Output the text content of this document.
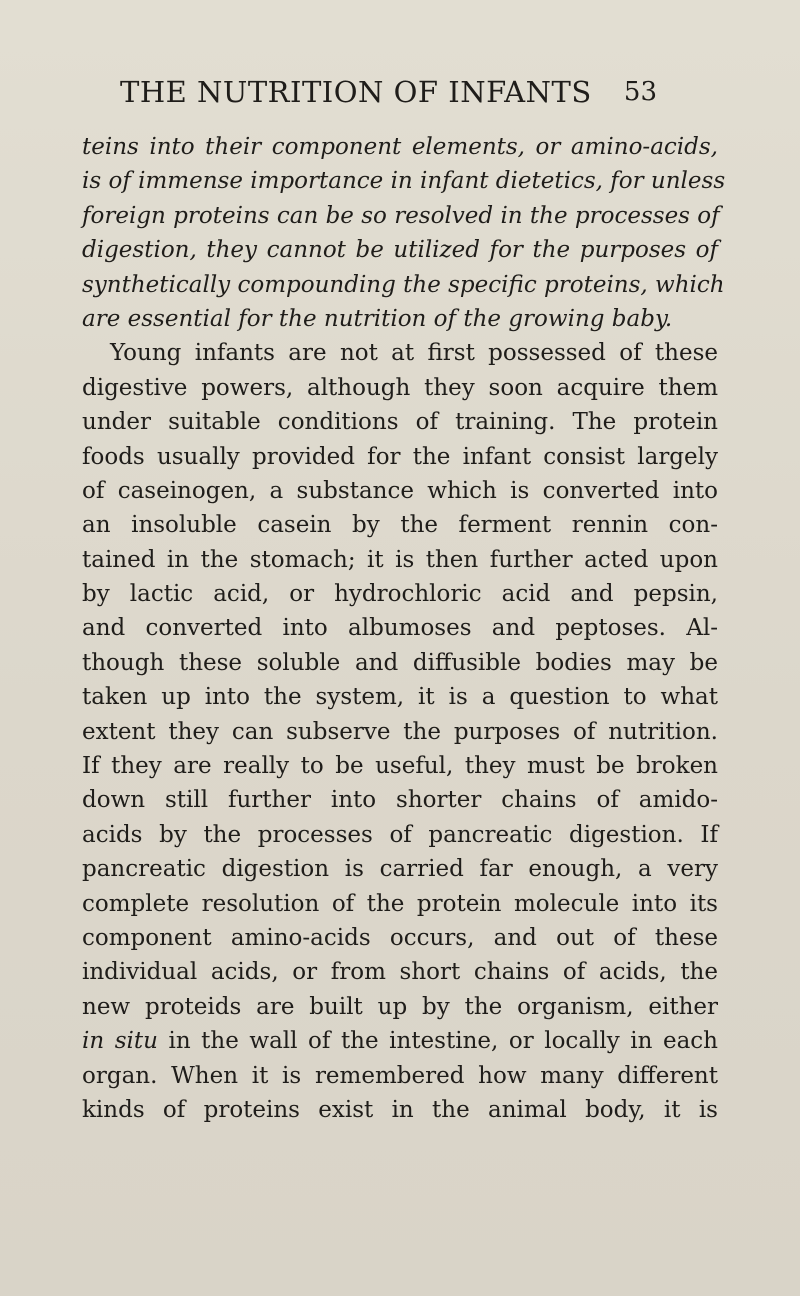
THE NUTRITION OF INFANTS 53
teins into their component elements, or amino-acids,
is of immense importance in infant dietetics, for unless
foreign proteins can be so resolved in the processes of
digestion, they cannot be utilized for the purposes of
synthetically compounding the specific proteins, which
are essential for the nutrition of the growing baby.
Young infants are not at first possessed of these
digestive powers, although they soon acquire them
under suitable conditions of training. The protein
foods usually provided for the infant consist largely
of caseinogen, a substance which is converted into
an insoluble casein by the ferment rennin con-
tained in the stomach; it is then further acted upon
by lactic acid, or hydrochloric acid and pepsin,
and converted into albumoses and peptoses. Al-
though these soluble and diffusible bodies may be
taken up into the system, it is a question to what
extent they can subserve the purposes of nutrition.
If they are really to be useful, they must be broken
down still further into shorter chains of amido-
acids by the processes of pancreatic digestion. If
pancreatic digestion is carried far enough, a very
complete resolution of the protein molecule into its
component amino-acids occurs, and out of these
individual acids, or from short chains of acids, the
new proteids are built up by the organism, either
in situ in the wall of the intestine, or locally in each
organ. When it is remembered how many different
kinds of proteins exist in the animal body, it is
